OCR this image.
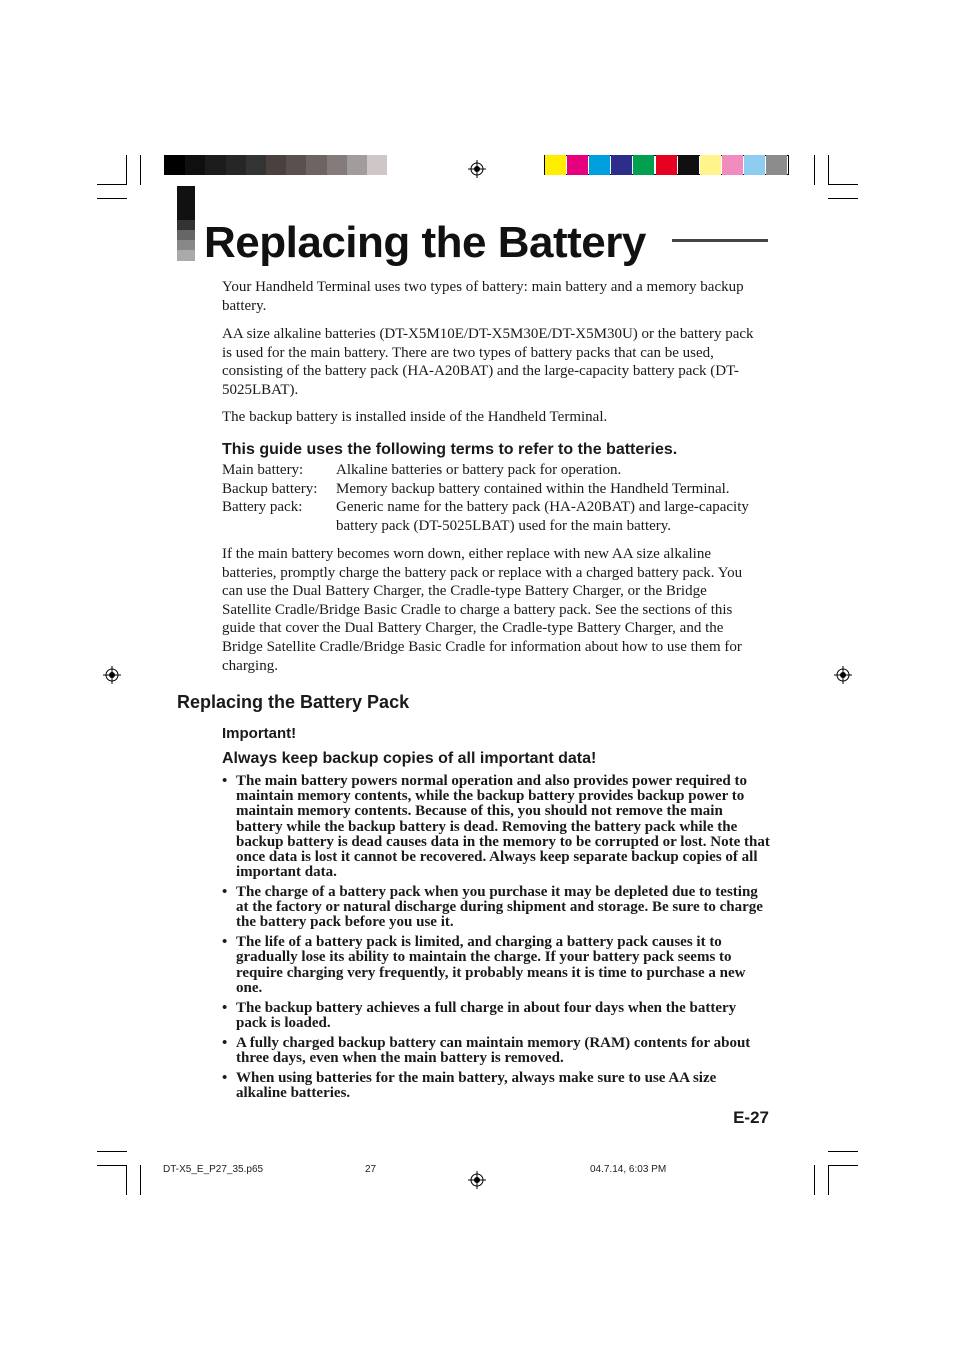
Replacing the Battery

Your Handheld Terminal uses two types of battery: main battery and a memory backup battery.

AA size alkaline batteries (DT-X5M10E/DT-X5M30E/DT-X5M30U) or the battery pack is used for the main battery. There are two types of battery packs that can be used, consisting of the battery pack (HA-A20BAT) and the large-capacity battery pack (DT-5025LBAT).

The backup battery is installed inside of the Handheld Terminal.

This guide uses the following terms to refer to the batteries.
Main battery: Alkaline batteries or battery pack for operation.
Backup battery: Memory backup battery contained within the Handheld Terminal.
Battery pack: Generic name for the battery pack (HA-A20BAT) and large-capacity battery pack (DT-5025LBAT) used for the main battery.

If the main battery becomes worn down, either replace with new AA size alkaline batteries, promptly charge the battery pack or replace with a charged battery pack. You can use the Dual Battery Charger, the Cradle-type Battery Charger, or the Bridge Satellite Cradle/Bridge Basic Cradle to charge a battery pack. See the sections of this guide that cover the Dual Battery Charger, the Cradle-type Battery Charger, and the Bridge Satellite Cradle/Bridge Basic Cradle for information about how to use them for charging.

Replacing the Battery Pack

Important!

Always keep backup copies of all important data!

• The main battery powers normal operation and also provides power required to maintain memory contents, while the backup battery provides backup power to maintain memory contents. Because of this, you should not remove the main battery while the backup battery is dead. Removing the battery pack while the backup battery is dead causes data in the memory to be corrupted or lost. Note that once data is lost it cannot be recovered. Always keep separate backup copies of all important data.
• The charge of a battery pack when you purchase it may be depleted due to testing at the factory or natural discharge during shipment and storage. Be sure to charge the battery pack before you use it.
• The life of a battery pack is limited, and charging a battery pack causes it to gradually lose its ability to maintain the charge. If your battery pack seems to require charging very frequently, it probably means it is time to purchase a new one.
• The backup battery achieves a full charge in about four days when the battery pack is loaded.
• A fully charged backup battery can maintain memory (RAM) contents for about three days, even when the main battery is removed.
• When using batteries for the main battery, always make sure to use AA size alkaline batteries.

E-27

DT-X5_E_P27_35.p65	27	04.7.14, 6:03 PM
